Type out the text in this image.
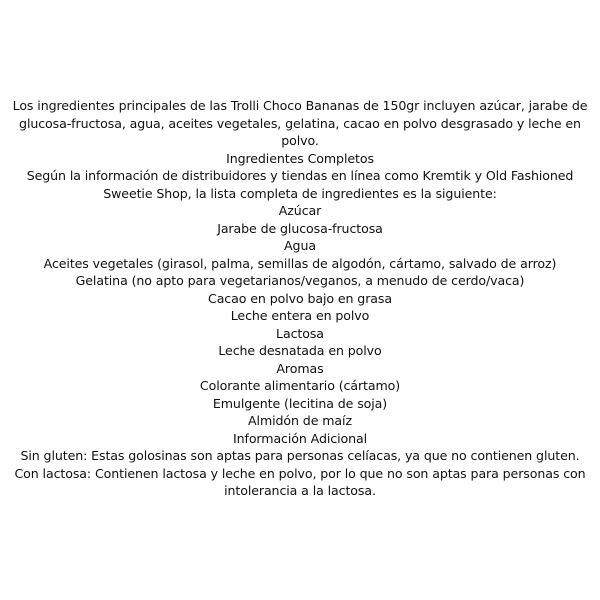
Los ingredientes principales de las Trolli Choco Bananas de 150gr incluyen azúcar, jarabe de glucosa-fructosa, agua, aceites vegetales, gelatina, cacao en polvo desgrasado y leche en polvo.

Ingredientes Completos

Según la información de distribuidores y tiendas en línea como Kremtik y Old Fashioned Sweetie Shop, la lista completa de ingredientes es la siguiente:

Azúcar

Jarabe de glucosa-fructosa

Agua

Aceites vegetales (girasol, palma, semillas de algodón, cártamo, salvado de arroz)

Gelatina (no apto para vegetarianos/veganos, a menudo de cerdo/vaca)

Cacao en polvo bajo en grasa

Leche entera en polvo

Lactosa

Leche desnatada en polvo

Aromas

Colorante alimentario (cártamo)

Emulgente (lecitina de soja)

Almidón de maíz

Información Adicional

Sin gluten: Estas golosinas son aptas para personas celíacas, ya que no contienen gluten.

Con lactosa: Contienen lactosa y leche en polvo, por lo que no son aptas para personas con intolerancia a la lactosa.
